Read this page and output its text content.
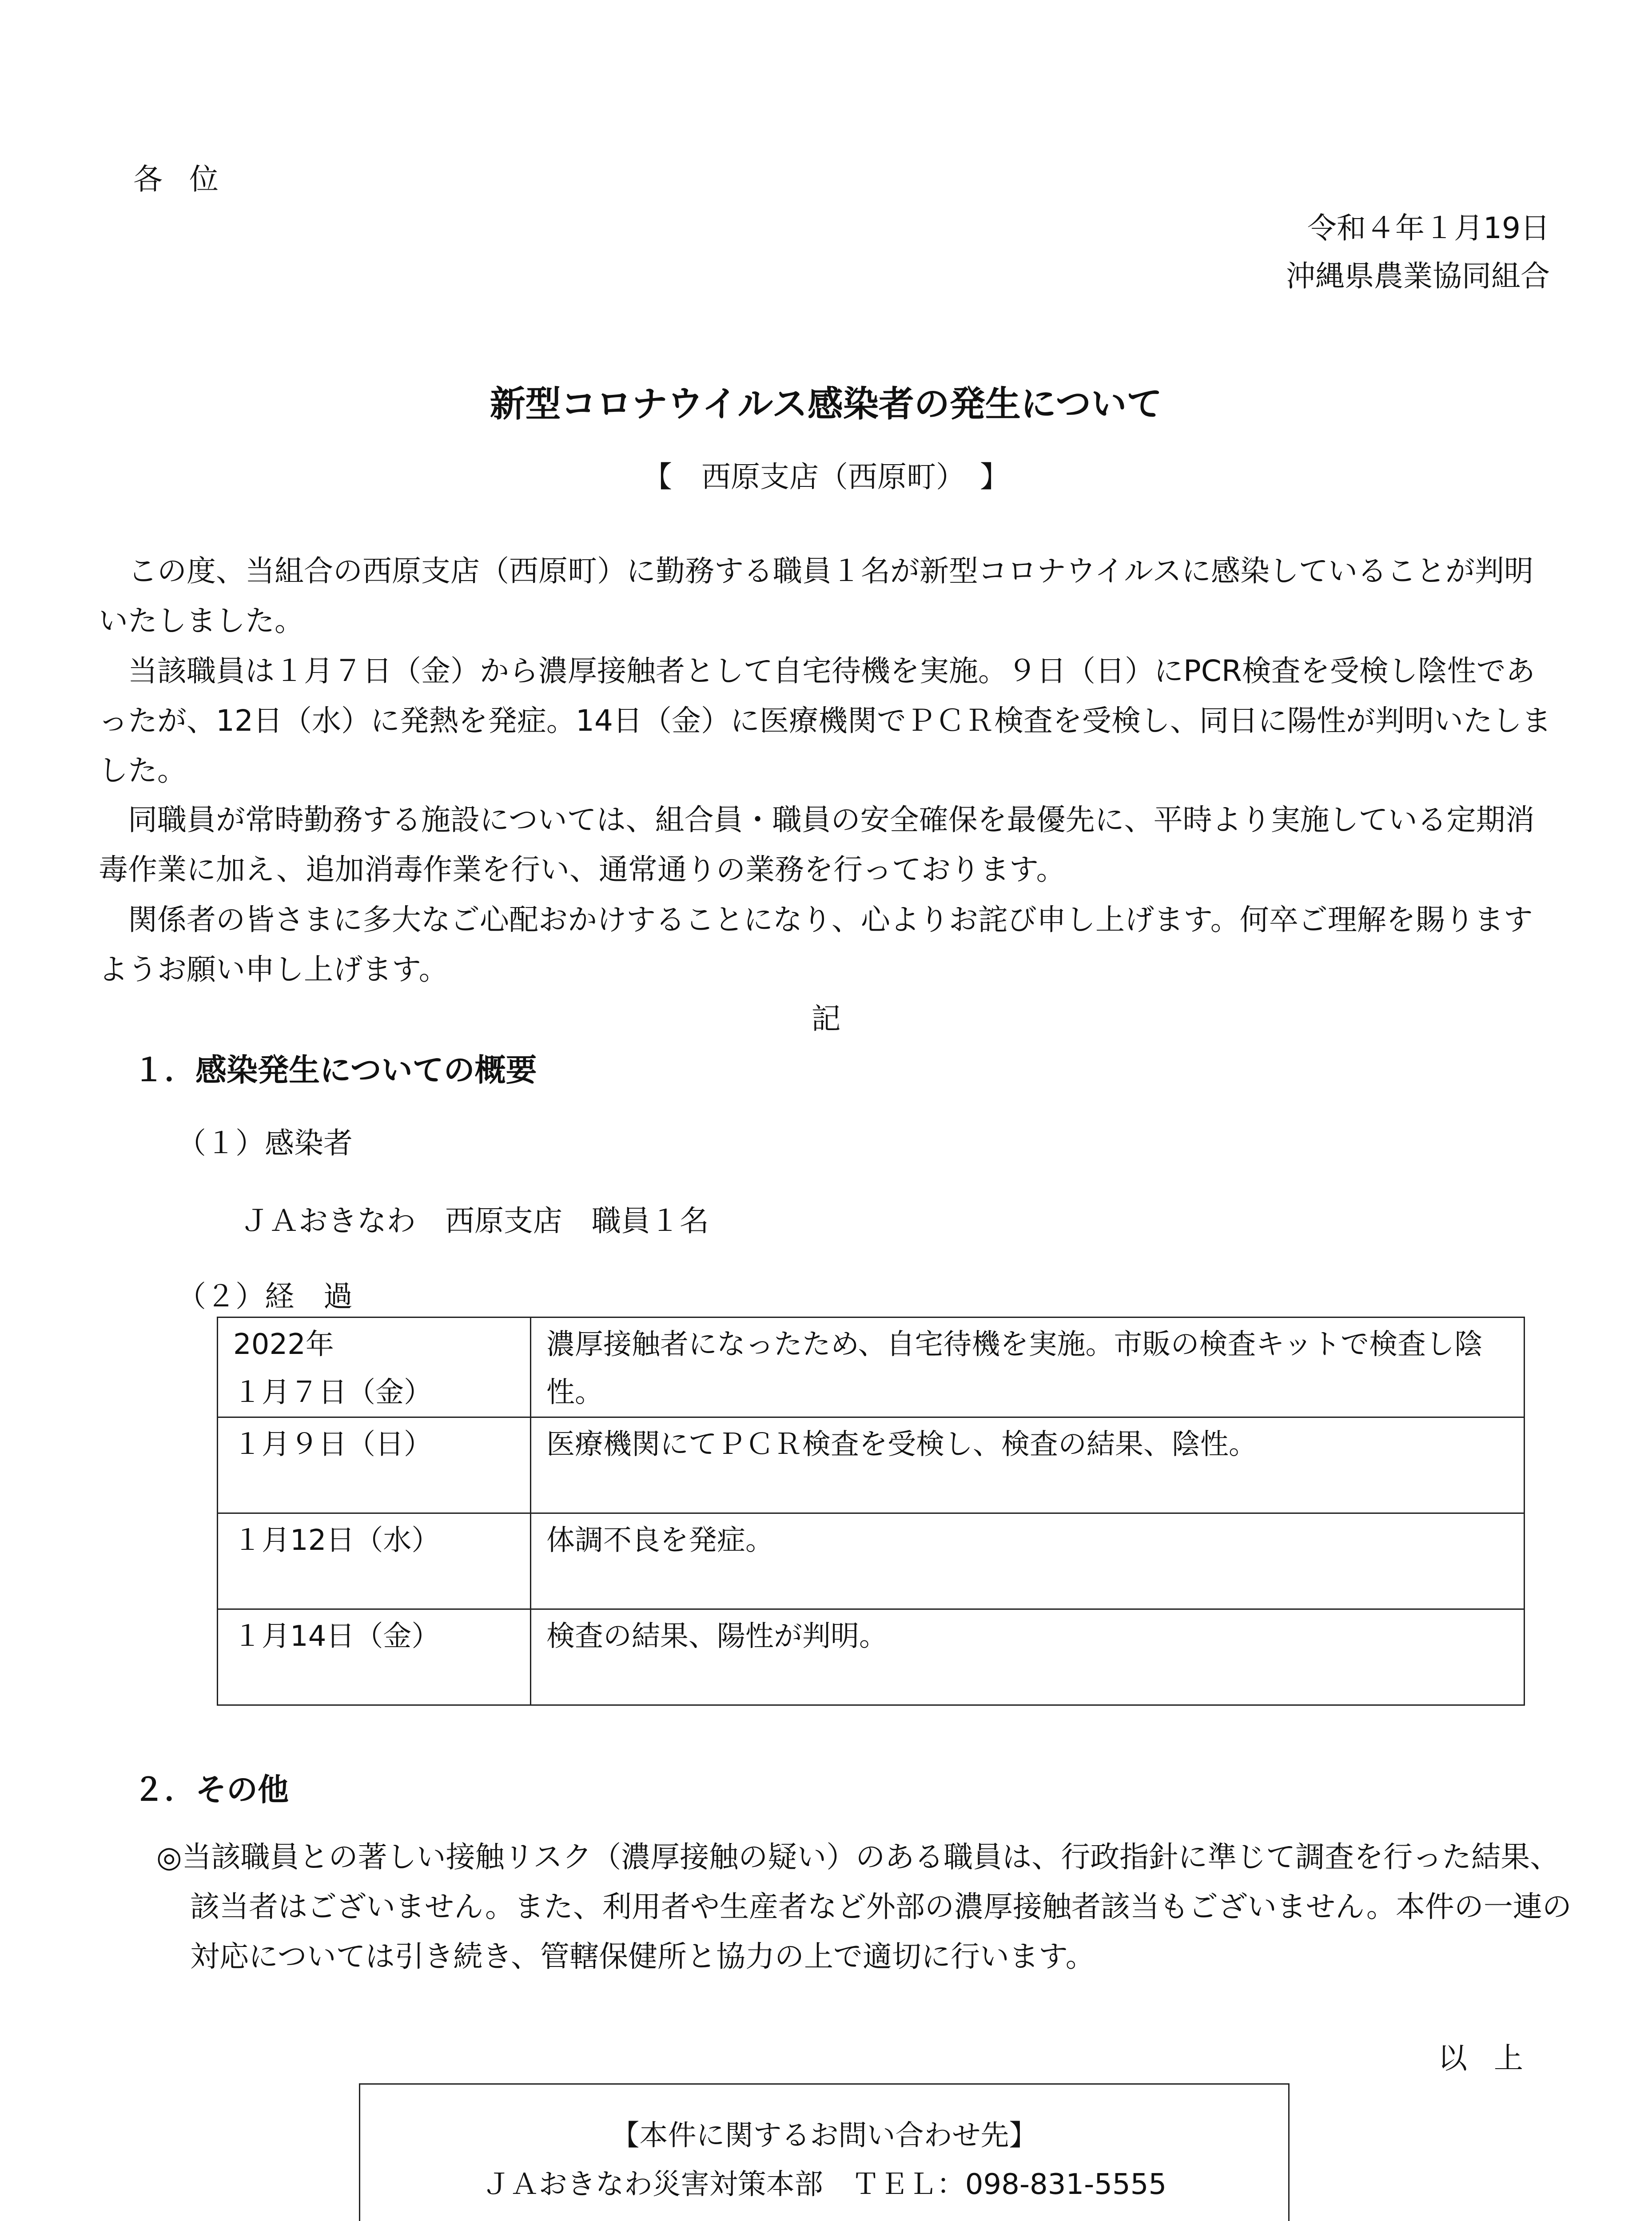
各位
令和４年１月19日
沖縄県農業協同組合
新型コロナウイルス感染者の発生について
【　西原支店（西原町）　】
この度、当組合の西原支店（西原町）に勤務する職員１名が新型コロナウイルスに感染していることが判明いたしました。
当該職員は１月７日（金）から濃厚接触者として自宅待機を実施。９日（日）にPCR検査を受検し陰性であったが、12日（水）に発熱を発症。14日（金）に医療機関でＰＣＲ検査を受検し、同日に陽性が判明いたしました。
同職員が常時勤務する施設については、組合員・職員の安全確保を最優先に、平時より実施している定期消毒作業に加え、追加消毒作業を行い、通常通りの業務を行っております。
関係者の皆さまに多大なご心配おかけすることになり、心よりお詫び申し上げます。何卒ご理解を賜りますようお願い申し上げます。
記
１．感染発生についての概要
（１）感染者
ＪＡおきなわ　西原支店　職員１名
（２）経　過
2022年
１月７日（金）	濃厚接触者になったため、自宅待機を実施。市販の検査キットで検査し陰性。

１月９日（日）	医療機関にてＰＣＲ検査を受検し、検査の結果、陰性。

１月12日（水）	体調不良を発症。

１月14日（金）	検査の結果、陽性が判明。
２．その他
◎当該職員との著しい接触リスク（濃厚接触の疑い）のある職員は、行政指針に準じて調査を行った結果、該当者はございません。また、利用者や生産者など外部の濃厚接触者該当もございません。本件の一連の対応については引き続き、管轄保健所と協力の上で適切に行います。
以上
【本件に関するお問い合わせ先】
ＪＡおきなわ災害対策本部　ＴＥＬ：098-831-5555
